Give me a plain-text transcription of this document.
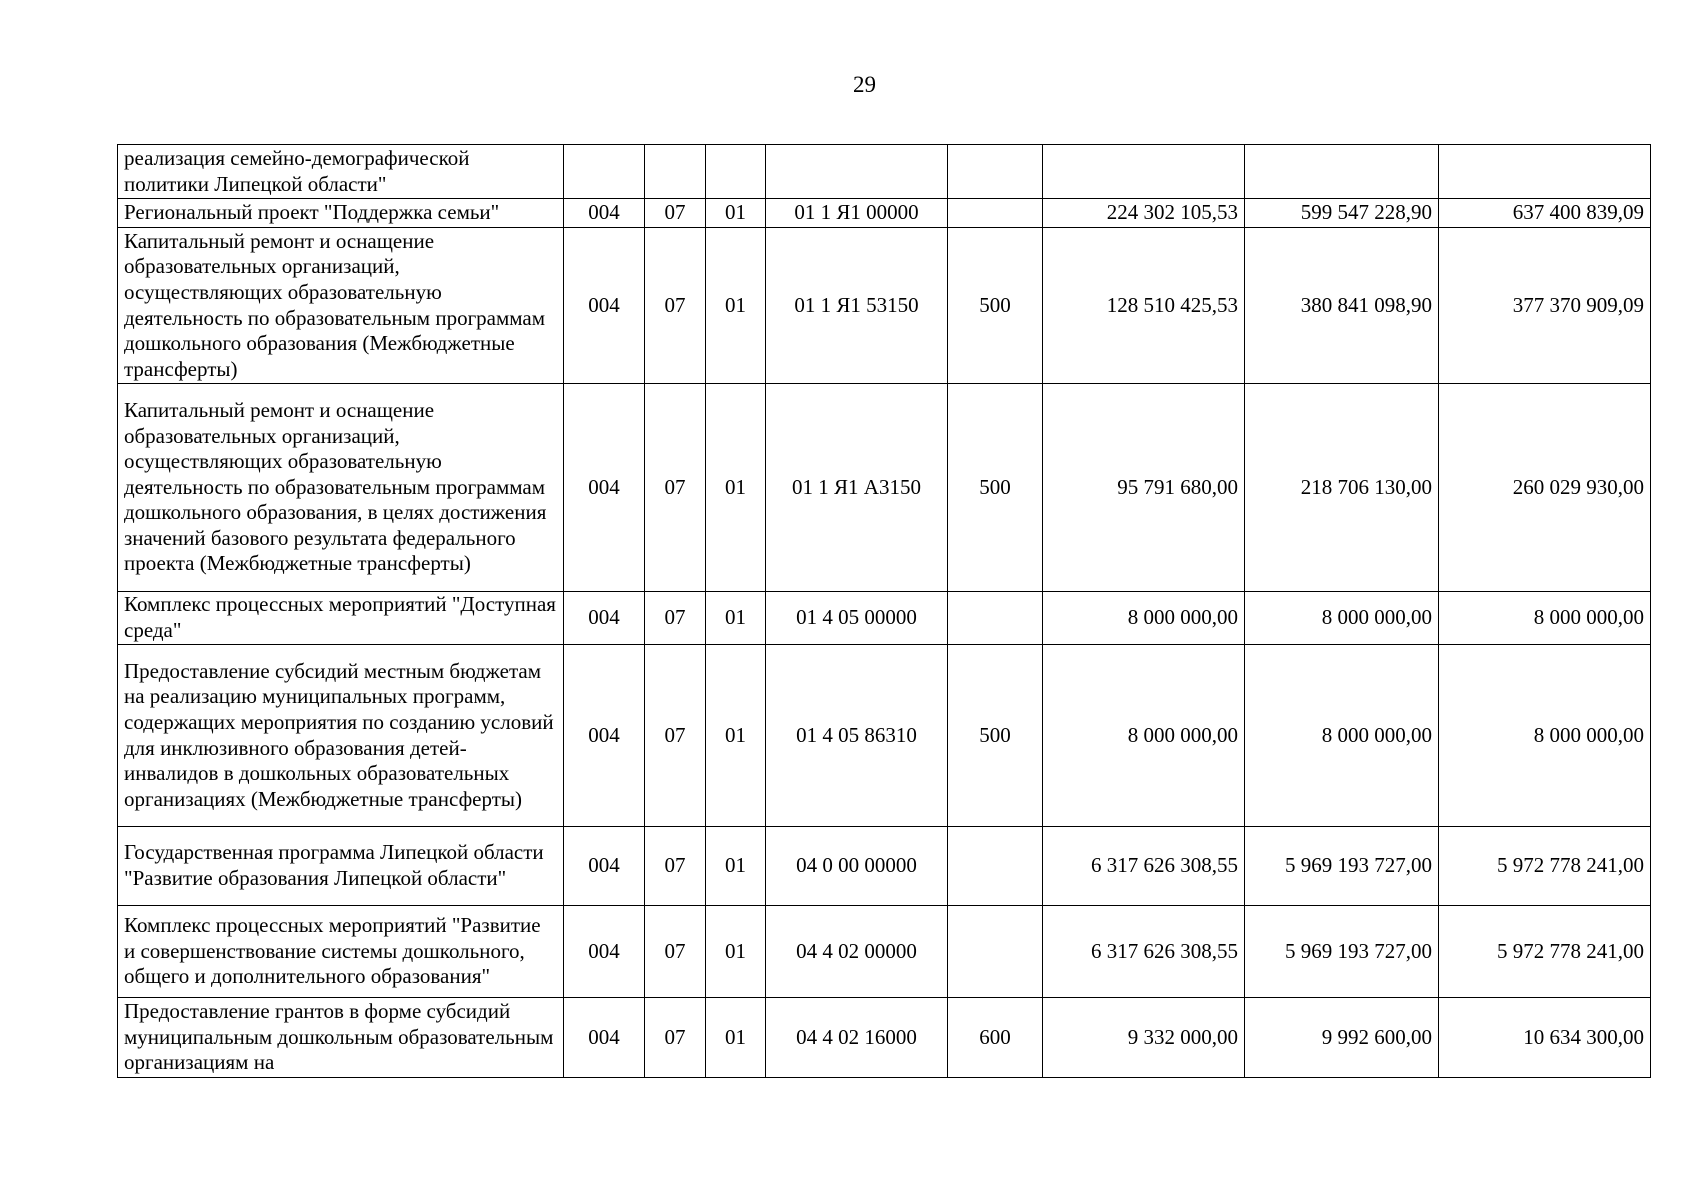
29
реализация семейно-демографической политики Липецкой области"								
Региональный проект "Поддержка семьи"	004	07	01	01 1 Я1 00000		224 302 105,53	599 547 228,90	637 400 839,09
Капитальный ремонт и оснащение образовательных организаций, осуществляющих образовательную деятельность по образовательным программам дошкольного образования (Межбюджетные трансферты)	004	07	01	01 1 Я1 53150	500	128 510 425,53	380 841 098,90	377 370 909,09
Капитальный ремонт и оснащение образовательных организаций, осуществляющих образовательную деятельность по образовательным программам дошкольного образования, в целях достижения значений базового результата федерального проекта (Межбюджетные трансферты)	004	07	01	01 1 Я1 А3150	500	95 791 680,00	218 706 130,00	260 029 930,00
Комплекс процессных мероприятий "Доступная среда"	004	07	01	01 4 05 00000		8 000 000,00	8 000 000,00	8 000 000,00
Предоставление субсидий местным бюджетам на реализацию муниципальных программ, содержащих мероприятия по созданию условий для инклюзивного образования детей-инвалидов в дошкольных образовательных организациях (Межбюджетные трансферты)	004	07	01	01 4 05 86310	500	8 000 000,00	8 000 000,00	8 000 000,00
Государственная программа Липецкой области "Развитие образования Липецкой области"	004	07	01	04 0 00 00000		6 317 626 308,55	5 969 193 727,00	5 972 778 241,00
Комплекс процессных мероприятий "Развитие и совершенствование системы дошкольного, общего и дополнительного образования"	004	07	01	04 4 02 00000		6 317 626 308,55	5 969 193 727,00	5 972 778 241,00
Предоставление грантов в форме субсидий муниципальным дошкольным образовательным организациям на	004	07	01	04 4 02 16000	600	9 332 000,00	9 992 600,00	10 634 300,00
